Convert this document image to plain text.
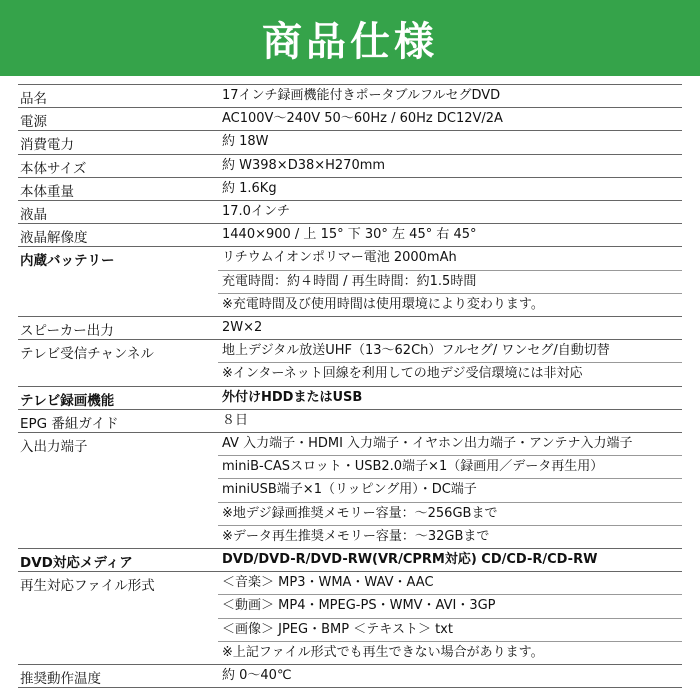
商品仕様
品名	17インチ録画機能付きポータブルフルセグDVD
電源	AC100V〜240V 50〜60Hz / 60Hz DC12V/2A
消費電力	約 18W
本体サイズ	約 W398×D38×H270mm
本体重量	約 1.6Kg
液晶	17.0インチ
液晶解像度	1440×900 / 上 15° 下 30° 左 45° 右 45°
内蔵バッテリー	リチウムイオンポリマー電池 2000mAh
充電時間：約４時間 / 再生時間：約1.5時間
※充電時間及び使用時間は使用環境により変わります。
スピーカー出力	2W×2
テレビ受信チャンネル	地上デジタル放送UHF（13〜62Ch）フルセグ/ ワンセグ/自動切替
※インターネット回線を利用しての地デジ受信環境には非対応
テレビ録画機能	外付けHDDまたはUSB
EPG 番組ガイド	８日
入出力端子	AV 入力端子・HDMI 入力端子・イヤホン出力端子・アンテナ入力端子
miniB-CASスロット・USB2.0端子×1（録画用／データ再生用）
miniUSB端子×1（リッピング用）・DC端子
※地デジ録画推奨メモリー容量：〜256GBまで
※データ再生推奨メモリー容量：〜32GBまで
DVD対応メディア	DVD/DVD-R/DVD-RW(VR/CPRM対応) CD/CD-R/CD-RW
再生対応ファイル形式	＜音楽＞ MP3・WMA・WAV・AAC
＜動画＞ MP4・MPEG-PS・WMV・AVI・3GP
＜画像＞ JPEG・BMP ＜テキスト＞ txt
※上記ファイル形式でも再生できない場合があります。
推奨動作温度	約 0〜40℃
